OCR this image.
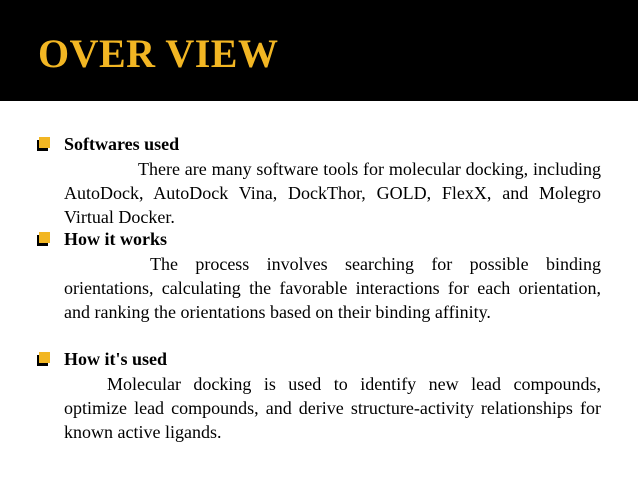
OVER VIEW
Softwares used

There are many software tools for molecular docking, including AutoDock, AutoDock Vina, DockThor, GOLD, FlexX, and Molegro Virtual Docker.

How it works

The process involves searching for possible binding orientations, calculating the favorable interactions for each orientation, and ranking the orientations based on their binding affinity.

How it's used

Molecular docking is used to identify new lead compounds, optimize lead compounds, and derive structure-activity relationships for known active ligands.
